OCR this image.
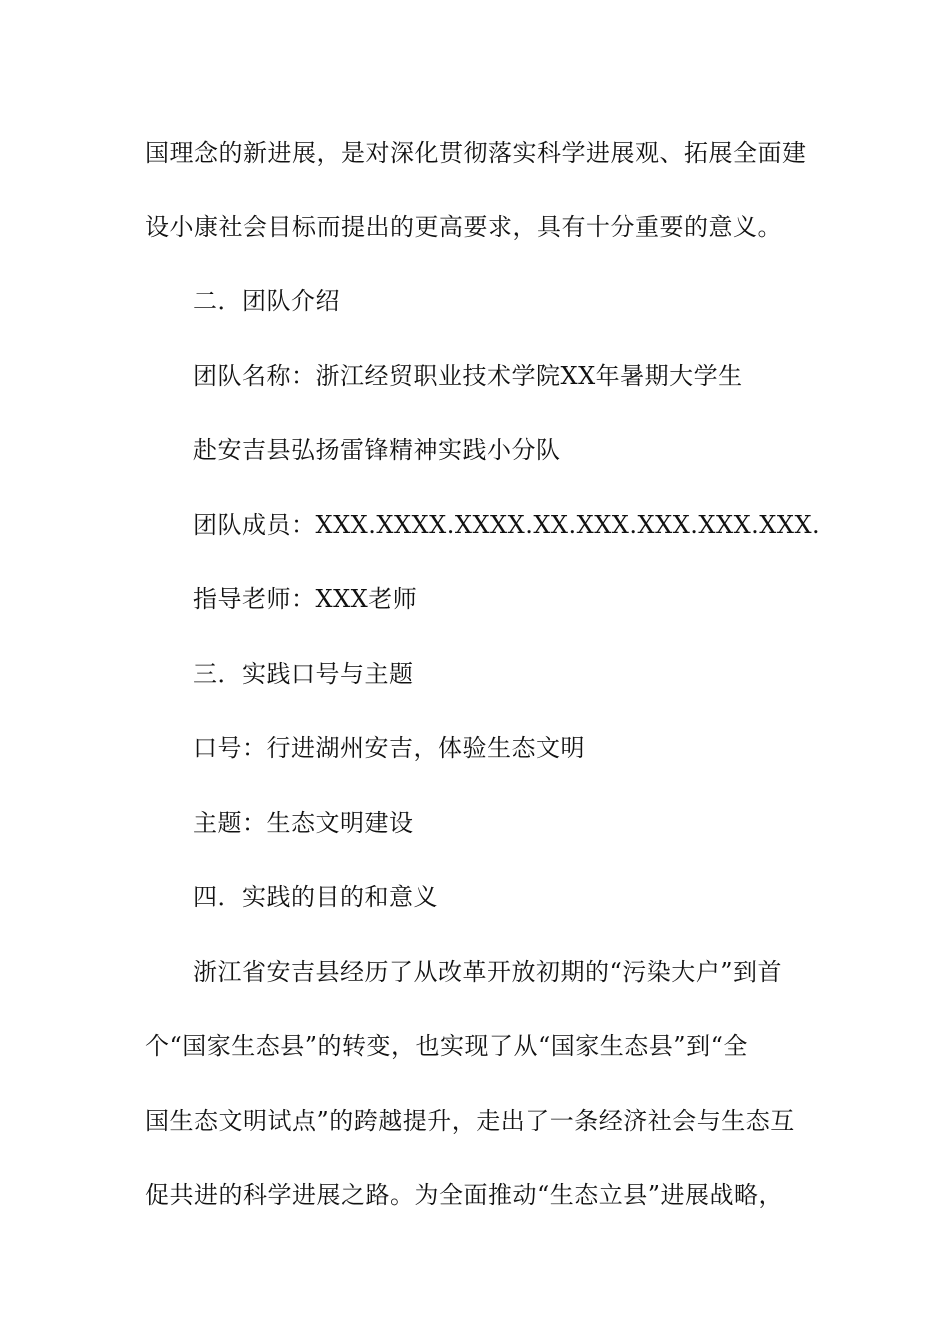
国理念的新进展，是对深化贯彻落实科学进展观、拓展全面建
设小康社会目标而提出的更高要求，具有十分重要的意义。
二．团队介绍
团队名称：浙江经贸职业技术学院XX年暑期大学生
赴安吉县弘扬雷锋精神实践小分队
团队成员：XXX.XXXX.XXXX.XX.XXX.XXX.XXX.XXX.
指导老师：XXX老师
三．实践口号与主题
口号：行进湖州安吉，体验生态文明
主题：生态文明建设
四．实践的目的和意义
浙江省安吉县经历了从改革开放初期的“污染大户”到首
个“国家生态县”的转变，也实现了从“国家生态县”到“全
国生态文明试点”的跨越提升，走出了一条经济社会与生态互
促共进的科学进展之路。为全面推动“生态立县”进展战略，
